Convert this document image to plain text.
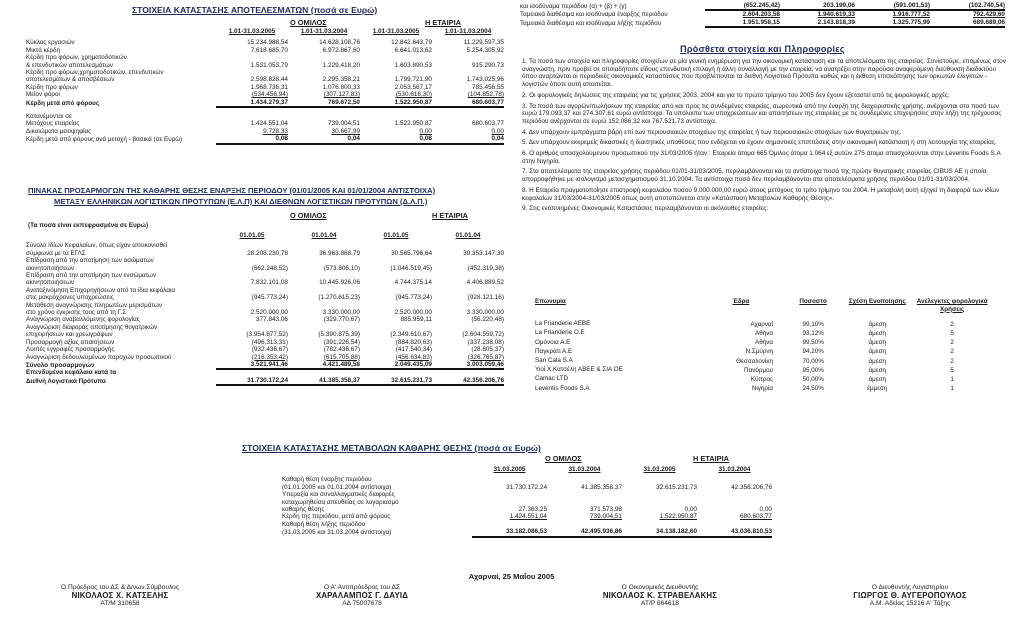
ΣΤΟΙΧΕΙΑ ΚΑΤΑΣΤΑΣΗΣ ΑΠΟΤΕΛΕΣΜΑΤΩΝ (ποσά σε Ευρώ)
Ο ΟΜΙΛΟΣ	Η ΕΤΑΙΡΙΑ
	1.01-31.03.2005	1.01-31.03.2004	1.01-31.03.2005	1.01-31.03.2004

Κύκλος εργασιών	15.234.988,54	14.628.108,76	12.842.643,79	11.229.597,35
Μικτά κέρδη	7.618.685,70	6.972.867,60	6.641.013,62	5.254.305,92
Κέρδη προ φόρων, χρηματοδοτικών				
& επενδυτικών αποτελεσμάτων	1.531.053,79	1.229.418,20	1.603.890,53	915.290,73
Κέρδη προ φόρων,χρηματοδοτικών, επενδυτικών				
αποτελεσμάτων & αποσβέσεων	2.598.828,44	2.295.358,21	1.799.721,90	1.743.025,96
Κέρδη προ φόρων	1.968.736,31	1.076.800,33	2.053.567,17	785.456,55
Μείον φόροι	(534.456,94)	(307.127,83)	(530.616,30)	(104.852,78)
Κέρδη μετά από φόρους	1.434.279,37	769.672,50	1.522.950,87	680.603,77

Κατανέμονται σε				
Μετόχους εταιρείας	1.424.551,04	739.004,51	1.522.950,87	680.603,77
Δικαιώματα μειοψηφίας	9.728,33	30.667,99	0,00	0,00
Κέρδη μετά από φόρους ανά μετοχή - βασικά (σε Ευρώ)	0,08	0,04	0,08	0,04
ΠΙΝΑΚΑΣ ΠΡΟΣΑΡΜΟΓΩΝ ΤΗΣ ΚΑΘΑΡΗΣ ΘΕΣΗΣ ΕΝΑΡΞΗΣ ΠΕΡΙΟΔΟΥ (01/01/2005 ΚΑΙ 01/01/2004 ΑΝΤΙΣΤΟΙΧΑ)
ΜΕΤΑΞΥ ΕΛΛΗΝΙΚΩΝ ΛΟΓΙΣΤΙΚΩΝ ΠΡΟΤΥΠΩΝ (Ε.Λ.Π) ΚΑΙ ΔΙΕΘΝΩΝ ΛΟΓΙΣΤΙΚΩΝ ΠΡΟΤΥΠΩΝ (Δ.Λ.Π.)
(Τα ποσά είναι εκπεφρασμένα σε Ευρώ)
Ο ΟΜΙΛΟΣ	Η ΕΤΑΙΡΙΑ
	01.01.05	01.01.04	01.01.05	01.01.04

Σύνολο Ιδίων Κεφαλαίων, όπως είχαν απεικονισθεί				
σύμφωνα με τα ΕΓΛΣ	28.208.230,78	36.963.868,79	30.565.796,64	39.353.147,30
Επίδραση από την αποτίμηση των ασώματων				
ακινητοποιήσεων	(662.248,52)	(573.806,10)	(1.046.519,45)	(452.319,38)
Επίδραση από την αποτίμηση των ενσώματων				
ακινητοποιήσεων	7.832.101,08	10.445.926,06	4.744.375,14	4.406.889,52
Αναταξινόμηση Επιχορηγήσεων από τα ίδια κεφάλαια				
στις μακρόχρονες υποχρεώσεις	(945.773,24)	(1.270.615,23)	(945.773,24)	(928.121,16)
Μετάθεση αναγνώρισης πληρωτέων μερισμάτων				
στο χρόνο έγκρισης τους από τη Γ.Σ	2.520.000,00	3.330.000,00	2.520.000,00	3.330.000,00
Αναγνώριση αναβαλλόμενης φορολογίας	377.843,06	(329.770,67)	885.959,11	(56.220,48)
Αναγνώριση διαφοράς αποτίμησης θυγατρικών				
επιχειρήσεων και χρεωγράφων	(3.954.877,52)	(5.390.875,39)	(2.349.610,67)	(2.604.559,72)
Προσαρμογή αξίας απαιτήσεων	(496.313,31)	(391.226,54)	(884.820,63)	(337.238,08)
Λοιπές εγγραφές προσαρμογής	(932.436,67)	(782.436,67)	(417.540,34)	(28.605,37)
Αναγνώριση δεδουλευμένων παροχών προσωπικού	(216.353,42)	(615.705,88)	(456.634,83)	(326.765,87)
Σύνολο προσαρμογών	3.521.941,46	4.421.489,58	2.049.435,09	3.003.059,46
Επενδυμένα κεφάλαια κατά τα				
Διεθνή Λογιστικά Πρότυπα	31.730.172,24	41.385.358,37	32.615.231,73	42.356.206,76
και ισοδύναμα περιόδου (α) + (β) + (γ)	(652.245,42)	203.199,06	(591.001,53)	(102.740,54)
Ταμειακά διαθέσιμα και ισοδύναμα έναρξης περιόδου	2.604.203,58	1.940.619,33	1.916.777,52	792.429,60
Ταμειακά διαθέσιμα και ισοδύναμα λήξης περιόδου	1.951.958,15	2.143.818,39	1.325.775,99	689.689,06
Πρόσθετα στοιχεία και Πληροφορίες
1. Τα ποσά των στοιχεία και πληροφορίες στοιχείων σε μία γενική ενημέρωση για την οικονομική κατάσταση και τα αποτελέσματα της εταιρείας. Συνιστούμε, επομένως στον αναγνώστη, πριν προβεί σε οποιαδήποτε είδους επενδυτική επιλογή ή άλλη συναλλαγή με την εταιρεία, να ανατρέξει στην παρούσα αναφερόμενη διεύθυνση διαδικτύου όπου αναρτώνται οι περιοδικές οικονομικές καταστάσεις που προβλέπονται τα διεθνή Λογιστικά Πρότυπα καθώς και η έκθεση επισκόπησης των ορκωτών ελεγκτών - λογιστών όποτε αυτή απαιτείται.
2. Οι φορολογικές δηλώσεις της εταιρείας για τις χρήσεις 2003, 2004 και για το πρώτο τρίμηνο του 2005 δεν έχουν εξεταστεί από τις φορολογικές αρχές.
3. Τα ποσά των αγορών/πωλήσεων της εταιρείας από και προς τις συνδεμένες εταιρείες, σωρευτικά από την έναρξη της διαχειριστικής χρήσης, ανέρχονται στο ποσό των ευρώ 179.093,37 και 274.307,61 ευρώ αντίστοιχα. Τα υπόλοιπα των υποχρεώσεων και απαιτήσεων της εταιρείας με τις συνδεμένες επιχειρήσεις στην λήξη της τρέχουσας περιόδου ανέρχονται σε ευρώ 152.086,32 και 767.521,73 αντίστοιχα.
4. Δεν υπάρχουν εμπράγματα βάρη επί των περιουσιακών στοιχείων της εταιρείας ή των περιουσιακών στοιχείων των θυγατρικών της.
5. Δεν υπάρχουν εκκρεμείς δικαστικές ή διαιτητικές υποθέσεις που ενδέχεται να έχουν σημαντικές επιπτώσεις στην οικονομική κατάσταση ή στη λειτουργία της εταιρείας.
6. Ο αριθμός απασχολούμενου προσωπικού την 31/03/2005 ήταν : Εταιρεία άτομα 665 Όμιλος άτομα 1.064 εξ αυτών 275 άτομα απασχολούνται στην Leventis Foods S.A στην Νιγηρία.
7. Στα αποτελέσματα της εταιρείας χρήσης περιόδου 01/01-31/03/2005, περιλαμβάνονται και τα αντίστοιχα ποσά της πρώην θυγατρικής εταιρείας CIBUS AE η οποία απορροφήθηκε με ισολογισμό μετασχηματισμού 31.10.2004. Τα αντίστοιχα ποσά δεν περιλαμβάνονται στα αποτελέσματα χρήσης περιόδου 01/01-31/03/2004.
8. Η Εταιρεία πραγματοποίησε επιστροφή κεφαλαίου ποσού 9.000.000,00 ευρώ στους μετόχους το τρίτο τρίμηνο του 2004. Η μεταβολή αυτή εξηγεί τη διαφορά των ιδίων κεφαλαίων 31/03/2004-31/03/2005 όπως αυτή αποτυπώνεται στην «Κατάσταση Μεταβολών Καθαρής Θέσης».
9. Στις ενοποιημένες Οικονομικές Καταστάσεις περιλαμβάνονται οι ακόλουθες εταιρείες:
Επωνυμία	Έδρα	Ποσοστό	Σχέση Ενοποίησης	Ανέλεγκτες φορολογικά Χρήσεις

La Frianderie AEBE	Αχαρναί	99,10%	άμεση	2
La Frianderie O.E	Αθήνα	93,12%	άμεση	5
Ομόνοια Α.Ε	Αθήνα	99,50%	άμεση	2
Παγκράτι Α.Ε	Ν.Σμύρνη	94,20%	άμεση	2
San Cala S.A	Θεσσαλονίκη	70,00%	άμεση	2
Υιοί Χ.Κατσέλη ΑΒΕΕ & ΣΙΑ ΟΕ	Πανόρμου	95,00%	άμεση	5
Camac LTD	Κύπρος	50,00%	άμεση	1
Leventis Foods S.A	Νιγηρία	24,50%	έμμεση	1
ΣΤΟΙΧΕΙΑ ΚΑΤΑΣΤΑΣΗΣ ΜΕΤΑΒΟΛΩΝ ΚΑΘΑΡΗΣ ΘΕΣΗΣ (ποσά σε Ευρώ)
Ο ΟΜΙΛΟΣ	Η ΕΤΑΙΡΙΑ
	31.03.2005	31.03.2004	31.03.2005	31.03.2004

Καθαρή θέση έναρξης περιόδου				
(01.01.2005 και 01.01.2004 αντίστοιχα)	31.730.172,24	41.385.358,37	32.615.231,73	42.356.206,76
Υπεραξία και συναλλαγματικές διαφορές				
καταχωρηθείσα απευθείας σε λογαριασμό				
καθαρής θέσης	27.363,25	371.573,98	0,00	0,00
Κέρδη της περιόδου, μετά από φόρους	1.424.551,04	739.004,51	1.522.950,87	680.603,77
Καθαρή θέση λήξης περιόδου				
(31.03.2005 και 31.03.2004 αντίστοιχα)	33.182.086,53	42.495.936,86	34.138.182,60	43.036.810,53
Αχαρναί, 25 Μαΐου 2005
Ο Πρόεδρος του ΔΣ & Δ/νων Σύμβουλος
ΝΙΚΟΛΑΟΣ Χ. ΚΑΤΣΕΛΗΣ
ΑΤ/Μ 310658
Ο Α' Αντιπρόεδρος του ΔΣ
ΧΑΡΑΛΑΜΠΟΣ Γ. ΔΑΥΙΔ
ΑΔ 75007678
Ο Οικονομικός Διευθυντής
ΝΙΚΟΛΑΟΣ Κ. ΣΤΡΑΒΕΛΑΚΗΣ
ΑΤ/Ρ 664618
Ο Διευθυντής Λογιστηρίου
ΓΙΩΡΓΟΣ Θ. ΑΥΓΕΡΟΠΟΥΛΟΣ
Α.Μ. Αδείας 15216 Α' Τάξης
